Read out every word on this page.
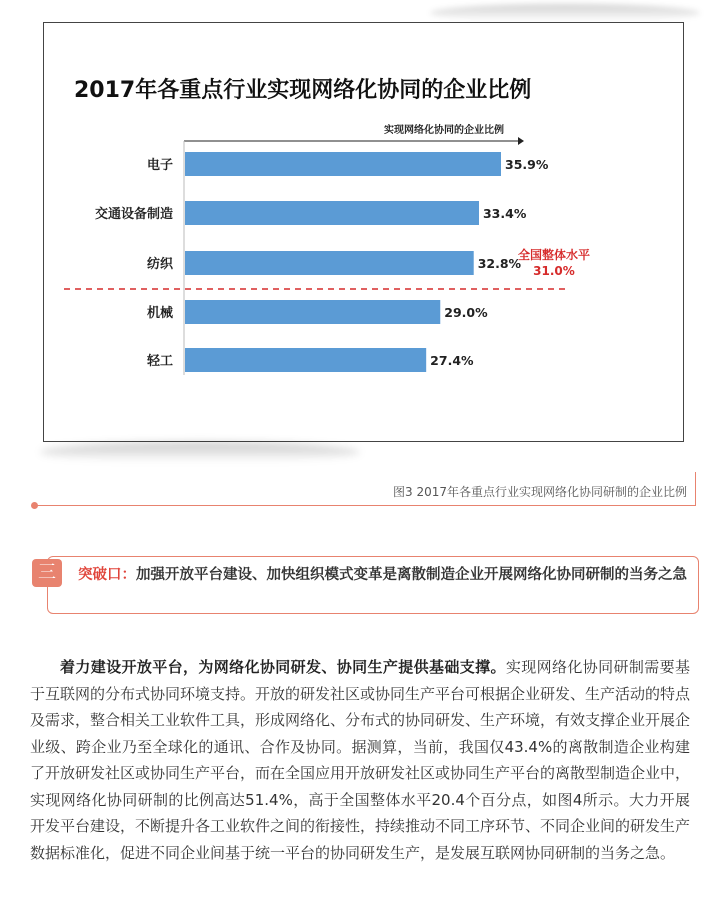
2017年各重点行业实现网络化协同的企业比例
实现网络化协同的企业比例
电子	35.9%
交通设备制造	33.4%
纺织	32.8%
机械	29.0%
轻工	27.4%
全国整体水平
31.0%
图3 2017年各重点行业实现网络化协同研制的企业比例
三	突破口：加强开放平台建设、加快组织模式变革是离散制造企业开展网络化协同研制的当务之急
着力建设开放平台，为网络化协同研发、协同生产提供基础支撑。实现网络化协同研制需要基于互联网的分布式协同环境支持。开放的研发社区或协同生产平台可根据企业研发、生产活动的特点及需求，整合相关工业软件工具，形成网络化、分布式的协同研发、生产环境，有效支撑企业开展企业级、跨企业乃至全球化的通讯、合作及协同。据测算，当前，我国仅43.4%的离散制造企业构建了开放研发社区或协同生产平台，而在全国应用开放研发社区或协同生产平台的离散型制造企业中，实现网络化协同研制的比例高达51.4%，高于全国整体水平20.4个百分点，如图4所示。大力开展开发平台建设，不断提升各工业软件之间的衔接性，持续推动不同工序环节、不同企业间的研发生产数据标准化，促进不同企业间基于统一平台的协同研发生产，是发展互联网协同研制的当务之急。
